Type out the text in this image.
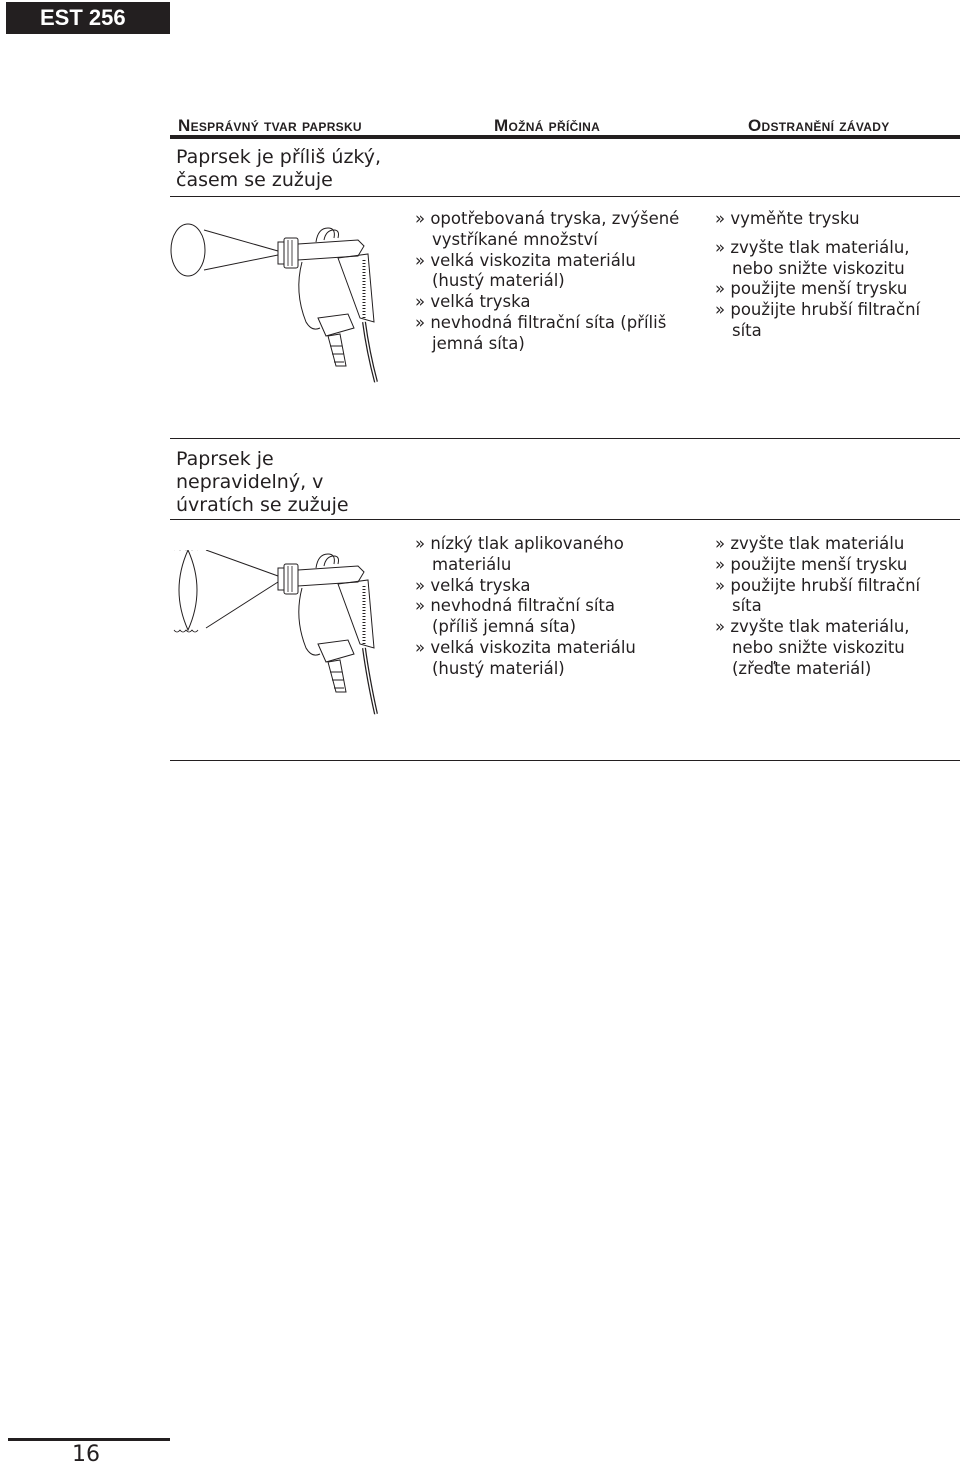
EST 256
Nesprávný tvar paprsku	Možná příčina	Odstranění závady
Paprsek je příliš úzký,
časem se zužuje
» opotřebovaná tryska, zvýšené
vystříkané množství
» velká viskozita materiálu
(hustý materiál)
» velká tryska
» nevhodná filtrační síta (příliš
jemná síta)
» vyměňte trysku
» zvyšte tlak materiálu,
nebo snižte viskozitu
» použijte menší trysku
» použijte hrubší filtrační
síta
Paprsek je
nepravidelný, v
úvratích se zužuje
» nízký tlak aplikovaného
materiálu
» velká tryska
» nevhodná filtrační síta
(příliš jemná síta)
» velká viskozita materiálu
(hustý materiál)
» zvyšte tlak materiálu
» použijte menší trysku
» použijte hrubší filtrační
síta
» zvyšte tlak materiálu,
nebo snižte viskozitu
(zřeďte materiál)
16
